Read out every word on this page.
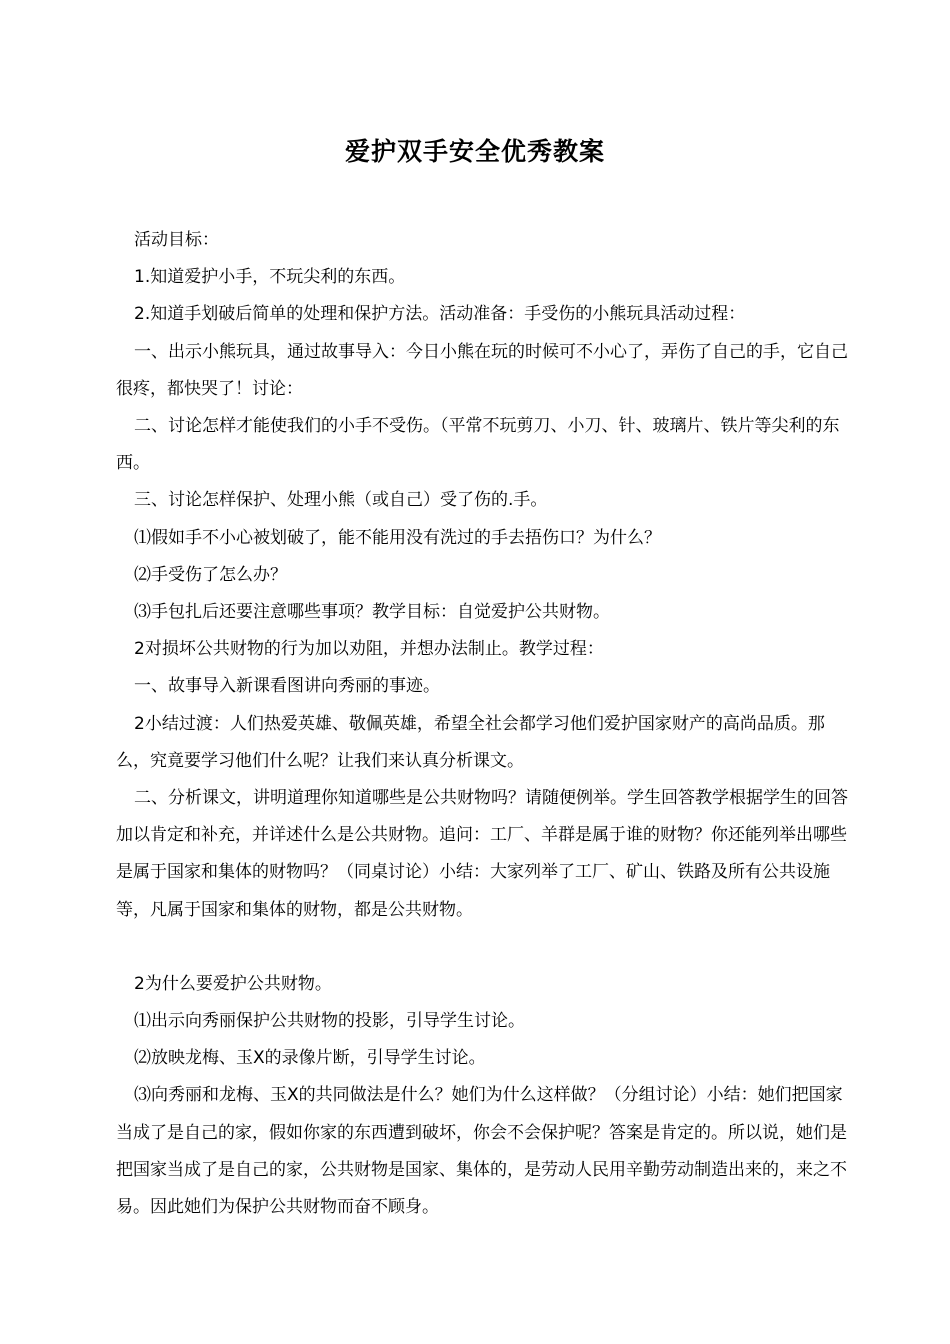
爱护双手安全优秀教案

活动目标：

1.知道爱护小手，不玩尖利的东西。

2.知道手划破后简单的处理和保护方法。活动准备：手受伤的小熊玩具活动过程：

一、出示小熊玩具，通过故事导入：今日小熊在玩的时候可不小心了，弄伤了自己的手，它自己很疼，都快哭了！讨论：

二、讨论怎样才能使我们的小手不受伤。（平常不玩剪刀、小刀、针、玻璃片、铁片等尖利的东西。

三、讨论怎样保护、处理小熊（或自己）受了伤的.手。

⑴假如手不小心被划破了，能不能用没有洗过的手去捂伤口？为什么？

⑵手受伤了怎么办？

⑶手包扎后还要注意哪些事项？教学目标：自觉爱护公共财物。

2对损坏公共财物的行为加以劝阻，并想办法制止。教学过程：

一、故事导入新课看图讲向秀丽的事迹。

2小结过渡：人们热爱英雄、敬佩英雄，希望全社会都学习他们爱护国家财产的高尚品质。那么，究竟要学习他们什么呢？让我们来认真分析课文。

二、分析课文，讲明道理你知道哪些是公共财物吗？请随便例举。学生回答教学根据学生的回答加以肯定和补充，并详述什么是公共财物。追问：工厂、羊群是属于谁的财物？你还能列举出哪些是属于国家和集体的财物吗？（同桌讨论）小结：大家列举了工厂、矿山、铁路及所有公共设施等，凡属于国家和集体的财物，都是公共财物。

2为什么要爱护公共财物。

⑴出示向秀丽保护公共财物的投影，引导学生讨论。

⑵放映龙梅、玉X的录像片断，引导学生讨论。

⑶向秀丽和龙梅、玉X的共同做法是什么？她们为什么这样做？（分组讨论）小结：她们把国家当成了是自己的家，假如你家的东西遭到破坏，你会不会保护呢？答案是肯定的。所以说，她们是把国家当成了是自己的家，公共财物是国家、集体的，是劳动人民用辛勤劳动制造出来的，来之不易。因此她们为保护公共财物而奋不顾身。
